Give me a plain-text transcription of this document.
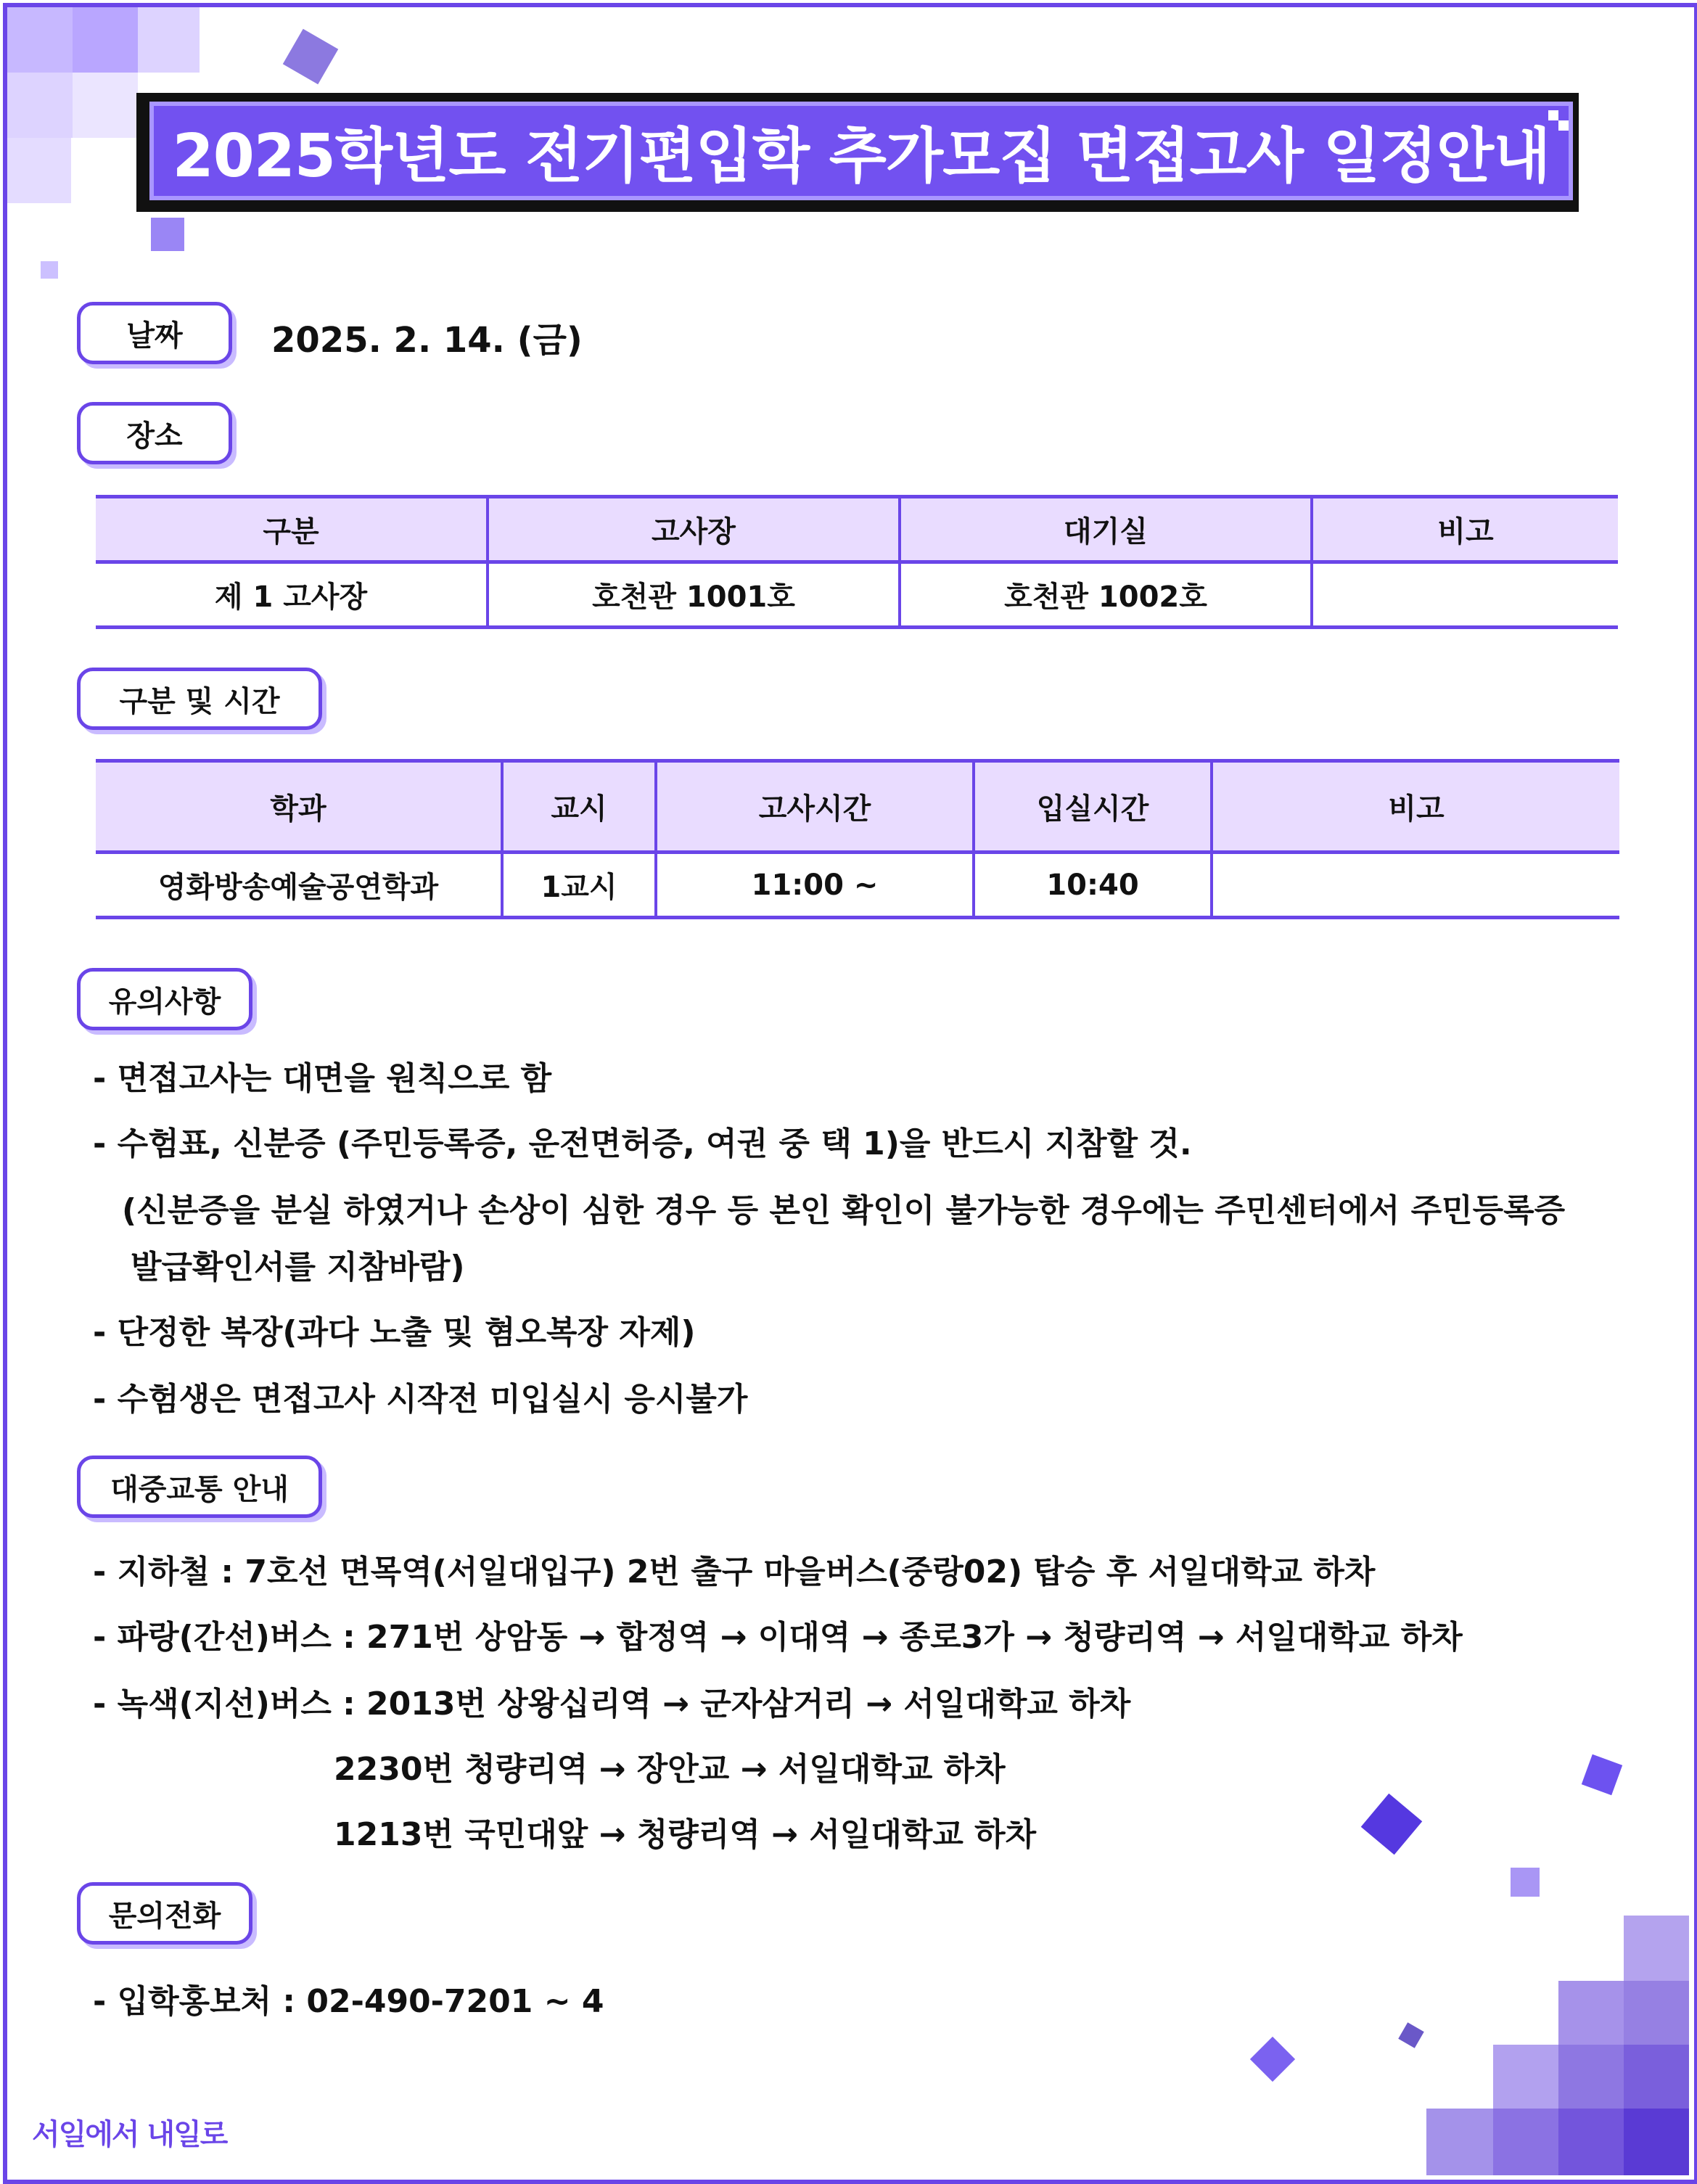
2025학년도 전기편입학 추가모집 면접고사 일정안내
날짜	2025. 2. 14. (금)
장소
구분	고사장	대기실	비고
제 1 고사장	호천관 1001호	호천관 1002호	
구분 및 시간
학과	교시	고사시간	입실시간	비고
영화방송예술공연학과	1교시	11:00 ~	10:40	
유의사항
- 면접고사는 대면을 원칙으로 함
- 수험표, 신분증 (주민등록증, 운전면허증, 여권 중 택 1)을 반드시 지참할 것.
(신분증을 분실 하였거나 손상이 심한 경우 등 본인 확인이 불가능한 경우에는 주민센터에서 주민등록증
발급확인서를 지참바람)
- 단정한 복장(과다 노출 및 혐오복장 자제)
- 수험생은 면접고사 시작전 미입실시 응시불가
대중교통 안내
- 지하철 : 7호선 면목역(서일대입구) 2번 출구 마을버스(중랑02) 탑승 후 서일대학교 하차
- 파랑(간선)버스 : 271번 상암동 → 합정역 → 이대역 → 종로3가 → 청량리역 → 서일대학교 하차
- 녹색(지선)버스 : 2013번 상왕십리역 → 군자삼거리 → 서일대학교 하차
2230번 청량리역 → 장안교 → 서일대학교 하차
1213번 국민대앞 → 청량리역 → 서일대학교 하차
문의전화
- 입학홍보처 : 02-490-7201 ~ 4
서일에서 내일로
